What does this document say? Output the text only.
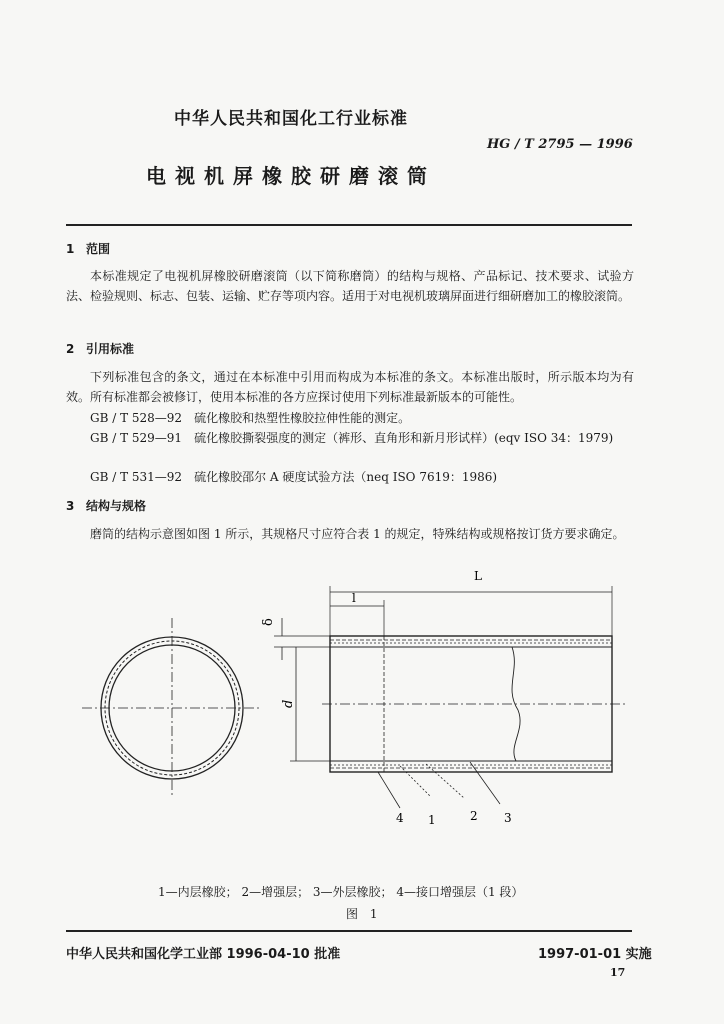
中华人民共和国化工行业标准
HG / T 2795 — 1996
电视机屏橡胶研磨滚筒
1 范围
本标准规定了电视机屏橡胶研磨滚筒（以下简称磨筒）的结构与规格、产品标记、技术要求、试验方法、检验规则、标志、包装、运输、贮存等项内容。适用于对电视机玻璃屏面进行细研磨加工的橡胶滚筒。
2 引用标准
下列标准包含的条文，通过在本标准中引用而构成为本标准的条文。本标准出版时，所示版本均为有效。所有标准都会被修订，使用本标准的各方应探讨使用下列标准最新版本的可能性。
GB / T 528—92 硫化橡胶和热塑性橡胶拉伸性能的测定。
GB / T 529—91 硫化橡胶撕裂强度的测定（裤形、直角形和新月形试样）(eqv ISO 34：1979)
GB / T 531—92 硫化橡胶邵尔 A 硬度试验方法（neq ISO 7619：1986)
3 结构与规格
磨筒的结构示意图如图 1 所示，其规格尺寸应符合表 1 的规定，特殊结构或规格按订货方要求确定。
L
l
δ
d
4 1	2 3
1—内层橡胶； 2—增强层； 3—外层橡胶； 4—接口增强层（1 段）
图 1
中华人民共和国化学工业部 1996-04-10 批准	1997-01-01 实施
17
